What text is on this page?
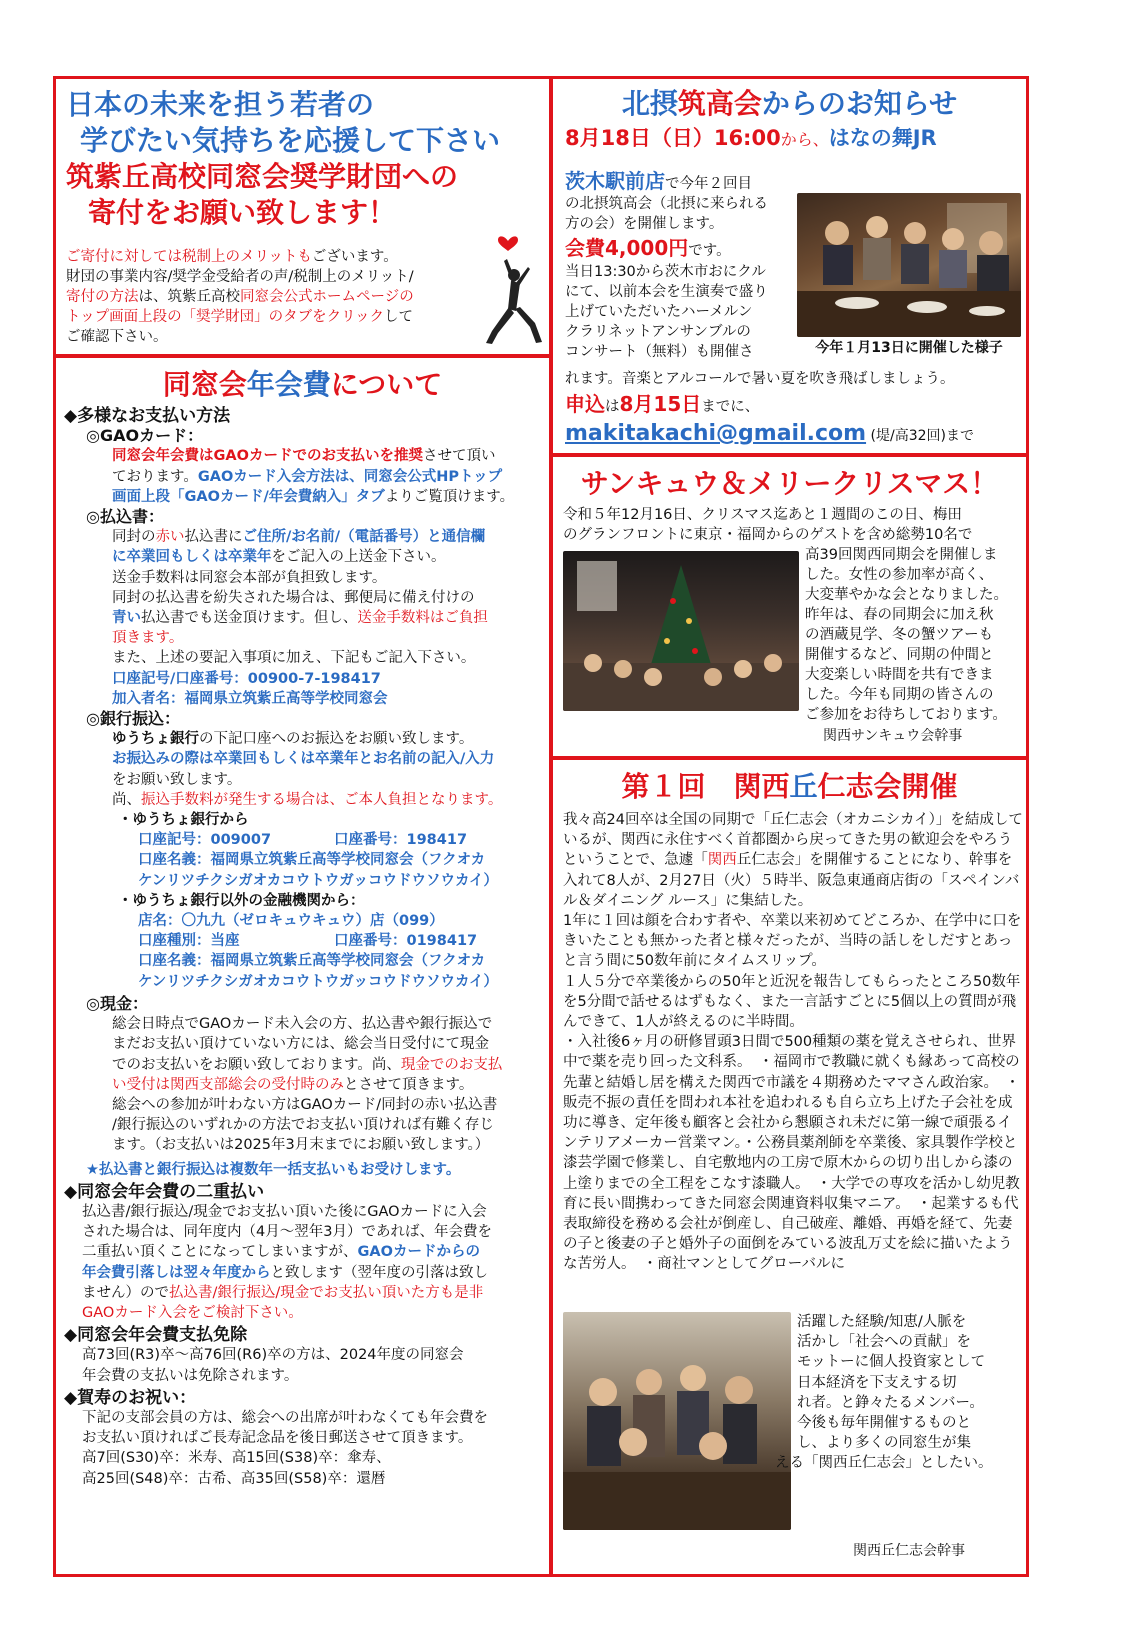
日本の未来を担う若者の

学びたい気持ちを応援して下さい

筑紫丘高校同窓会奨学財団への

寄付をお願い致します！

ご寄付に対しては税制上のメリットもございます。

財団の事業内容/奨学金受給者の声/税制上のメリット/

寄付の方法は、筑紫丘高校同窓会公式ホームページの

トップ画面上段の「奨学財団」のタブをクリックして

ご確認下さい。

同窓会年会費について

◆多様なお支払い方法

◎GAOカード：

同窓会年会費はGAOカードでのお支払いを推奨させて頂い

ております。GAOカード入会方法は、同窓会公式HPトップ

画面上段「GAOカード/年会費納入」タブよりご覧頂けます。

◎払込書：

同封の赤い払込書にご住所/お名前/（電話番号）と通信欄

に卒業回もしくは卒業年をご記入の上送金下さい。

送金手数料は同窓会本部が負担致します。

同封の払込書を紛失された場合は、郵便局に備え付けの

青い払込書でも送金頂けます。但し、送金手数料はご負担

頂きます。

また、上述の要記入事項に加え、下記もご記入下さい。

口座記号/口座番号：00900-7-198417

加入者名：福岡県立筑紫丘高等学校同窓会

◎銀行振込：

ゆうちょ銀行の下記口座へのお振込をお願い致します。

お振込みの際は卒業回もしくは卒業年とお名前の記入/入力

をお願い致します。

尚、振込手数料が発生する場合は、ご本人負担となります。

・ゆうちょ銀行から

口座記号：009007	口座番号：198417

口座名義：福岡県立筑紫丘高等学校同窓会（フクオカ

ケンリツチクシガオカコウトウガッコウドウソウカイ）

・ゆうちょ銀行以外の金融機関から：

店名：〇九九（ゼロキュウキュウ）店（099）

口座種別：当座	口座番号：0198417

口座名義：福岡県立筑紫丘高等学校同窓会（フクオカ

ケンリツチクシガオカコウトウガッコウドウソウカイ）

◎現金：

総会日時点でGAOカード未入会の方、払込書や銀行振込で

まだお支払い頂けていない方には、総会当日受付にて現金

でのお支払いをお願い致しております。尚、現金でのお支払

い受付は関西支部総会の受付時のみとさせて頂きます。

総会への参加が叶わない方はGAOカード/同封の赤い払込書

/銀行振込のいずれかの方法でお支払い頂ければ有難く存じ

ます。（お支払いは2025年3月末までにお願い致します。）

★払込書と銀行振込は複数年一括支払いもお受けします。

◆同窓会年会費の二重払い

払込書/銀行振込/現金でお支払い頂いた後にGAOカードに入会

された場合は、同年度内（4月～翌年3月）であれば、年会費を

二重払い頂くことになってしまいますが、GAOカードからの

年会費引落しは翌々年度からと致します（翌年度の引落は致し

ません）ので払込書/銀行振込/現金でお支払い頂いた方も是非

GAOカード入会をご検討下さい。

◆同窓会年会費支払免除

高73回(R3)卒～高76回(R6)卒の方は、2024年度の同窓会

年会費の支払いは免除されます。

◆賀寿のお祝い：

下記の支部会員の方は、総会への出席が叶わなくても年会費を

お支払い頂ければご長寿記念品を後日郵送させて頂きます。

高7回(S30)卒：米寿、高15回(S38)卒：傘寿、

高25回(S48)卒：古希、高35回(S58)卒：還暦

北摂筑高会からのお知らせ

8月18日（日）16:00から、はなの舞JR

茨木駅前店で今年２回目

の北摂筑高会（北摂に来られる

方の会）を開催します。

会費4,000円です。

当日13:30から茨木市おにクル

にて、以前本会を生演奏で盛り

上げていただいたハーメルン

クラリネットアンサンブルの

コンサート（無料）も開催さ

れます。音楽とアルコールで暑い夏を吹き飛ばしましょう。

申込は8月15日までに、

makitakachi@gmail.com (堤/高32回)まで

今年１月13日に開催した様子

サンキュウ＆メリークリスマス！

令和５年12月16日、クリスマス迄あと１週間のこの日、梅田

のグランフロントに東京・福岡からのゲストを含め総勢10名で

高39回関西同期会を開催しま

した。女性の参加率が高く、

大変華やかな会となりました。

昨年は、春の同期会に加え秋

の酒蔵見学、冬の蟹ツアーも

開催するなど、同期の仲間と

大変楽しい時間を共有できま

した。今年も同期の皆さんの

ご参加をお待ちしております。

関西サンキュウ会幹事

第１回　関西丘仁志会開催

我々高24回卒は全国の同期で「丘仁志会（オカニシカイ）」を結成しているが、関西に永住すべく首都圏から戻ってきた男の歓迎会をやろうということで、急遽「関西丘仁志会」を開催することになり、幹事を入れて8人が、2月27日（火）５時半、阪急東通商店街の「スペインバル＆ダイニング ルース」に集結した。

1年に１回は顔を合わす者や、卒業以来初めてどころか、在学中に口をきいたことも無かった者と様々だったが、当時の話しをしだすとあっと言う間に50数年前にタイムスリップ。

１人５分で卒業後からの50年と近況を報告してもらったところ50数年を5分間で話せるはずもなく、また一言話すごとに5個以上の質問が飛んできて、1人が終えるのに半時間。

・入社後6ヶ月の研修冒頭3日間で500種類の薬を覚えさせられ、世界中で薬を売り回った文科系。　・福岡市で教職に就くも縁あって高校の先輩と結婚し居を構えた関西で市議を４期務めたママさん政治家。　・販売不振の責任を問われ本社を追われるも自ら立ち上げた子会社を成功に導き、定年後も顧客と会社から懇願され未だに第一線で頑張るインテリアメーカー営業マン。・公務員薬剤師を卒業後、家具製作学校と漆芸学園で修業し、自宅敷地内の工房で原木からの切り出しから漆の上塗りまでの全工程をこなす漆職人。　・大学での専攻を活かし幼児教育に長い間携わってきた同窓会関連資料収集マニア。　・起業するも代表取締役を務める会社が倒産し、自己破産、離婚、再婚を経て、先妻の子と後妻の子と婚外子の面倒をみている波乱万丈を絵に描いたような苦労人。　・商社マンとしてグローバルに

活躍した経験/知恵/人脈を

活かし「社会への貢献」を

モットーに個人投資家として

日本経済を下支えする切

れ者。と錚々たるメンバー。

今後も毎年開催するものと

し、より多くの同窓生が集

える「関西丘仁志会」としたい。

関西丘仁志会幹事
